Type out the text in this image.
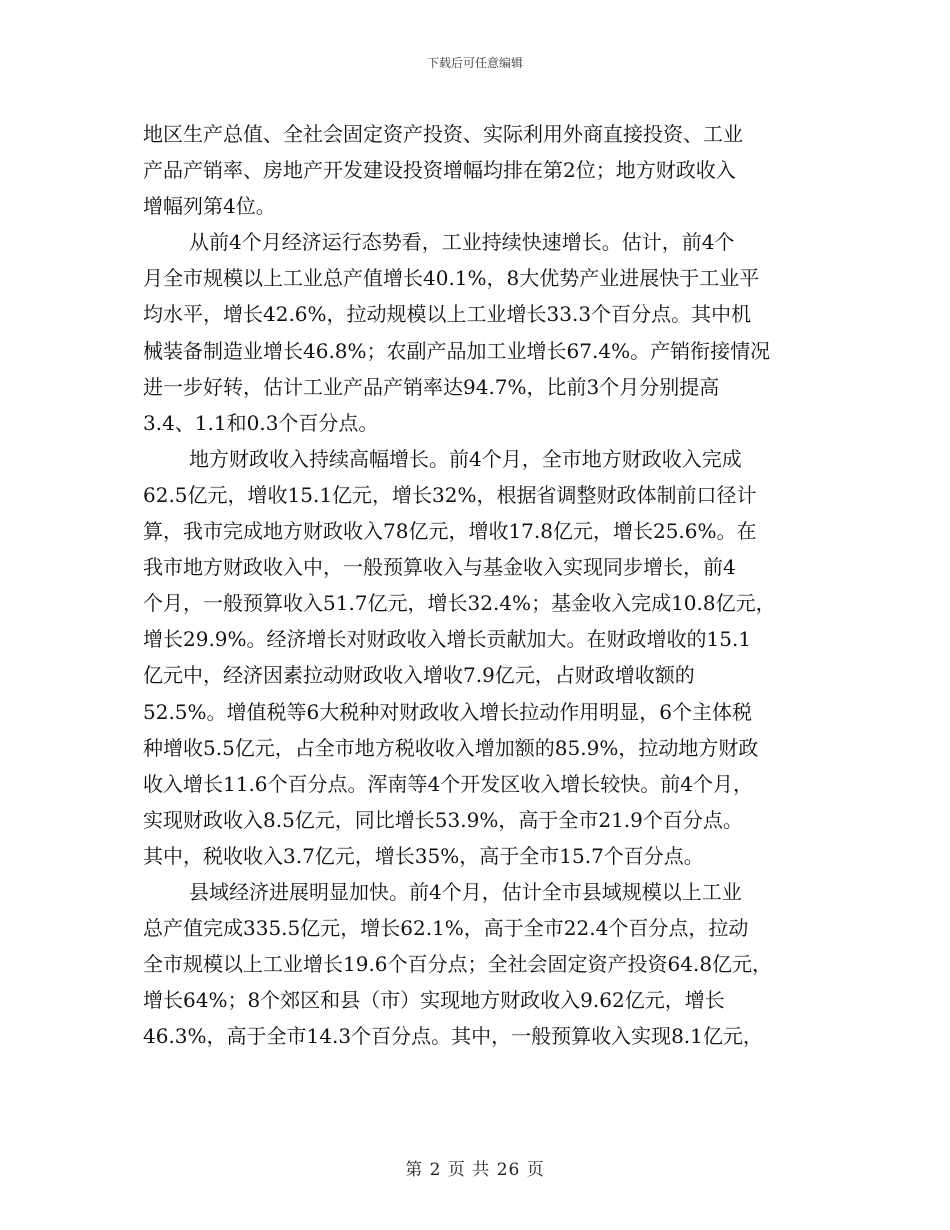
下载后可任意编辑
地区生产总值、全社会固定资产投资、实际利用外商直接投资、工业
产品产销率、房地产开发建设投资增幅均排在第2位；地方财政收入
增幅列第4位。
从前4个月经济运行态势看，工业持续快速增长。估计，前4个
月全市规模以上工业总产值增长40.1%，8大优势产业进展快于工业平
均水平，增长42.6%，拉动规模以上工业增长33.3个百分点。其中机
械装备制造业增长46.8%；农副产品加工业增长67.4%。产销衔接情况
进一步好转，估计工业产品产销率达94.7%，比前3个月分别提高
3.4、1.1和0.3个百分点。
地方财政收入持续高幅增长。前4个月，全市地方财政收入完成
62.5亿元，增收15.1亿元，增长32%，根据省调整财政体制前口径计
算，我市完成地方财政收入78亿元，增收17.8亿元，增长25.6%。在
我市地方财政收入中，一般预算收入与基金收入实现同步增长，前4
个月，一般预算收入51.7亿元，增长32.4%；基金收入完成10.8亿元，
增长29.9%。经济增长对财政收入增长贡献加大。在财政增收的15.1
亿元中，经济因素拉动财政收入增收7.9亿元，占财政增收额的
52.5%。增值税等6大税种对财政收入增长拉动作用明显，6个主体税
种增收5.5亿元，占全市地方税收收入增加额的85.9%，拉动地方财政
收入增长11.6个百分点。浑南等4个开发区收入增长较快。前4个月，
实现财政收入8.5亿元，同比增长53.9%，高于全市21.9个百分点。
其中，税收收入3.7亿元，增长35%，高于全市15.7个百分点。
县域经济进展明显加快。前4个月，估计全市县域规模以上工业
总产值完成335.5亿元，增长62.1%，高于全市22.4个百分点，拉动
全市规模以上工业增长19.6个百分点；全社会固定资产投资64.8亿元，
增长64%；8个郊区和县（市）实现地方财政收入9.62亿元，增长
46.3%，高于全市14.3个百分点。其中，一般预算收入实现8.1亿元，
第 2 页 共 26 页
